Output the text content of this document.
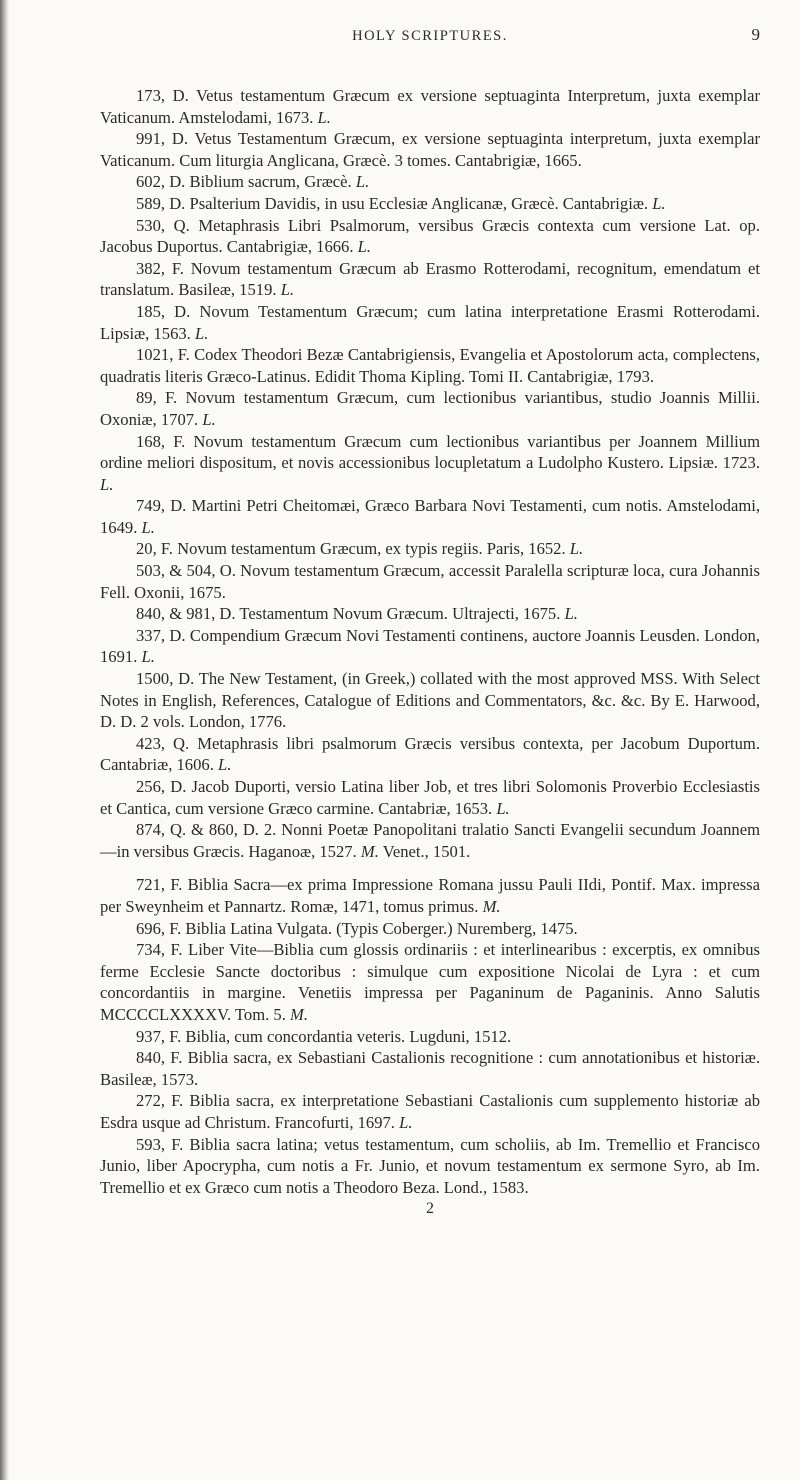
HOLY SCRIPTURES.	9

173, D. Vetus testamentum Græcum ex versione septuaginta Interpretum, juxta exemplar Vaticanum. Amstelodami, 1673. L.

991, D. Vetus Testamentum Græcum, ex versione septuaginta interpretum, juxta exemplar Vaticanum. Cum liturgia Anglicana, Græcè. 3 tomes. Cantabrigiæ, 1665.

602, D. Biblium sacrum, Græcè. L.

589, D. Psalterium Davidis, in usu Ecclesiæ Anglicanæ, Græcè. Cantabrigiæ. L.

530, Q. Metaphrasis Libri Psalmorum, versibus Græcis contexta cum versione Lat. op. Jacobus Duportus. Cantabrigiæ, 1666. L.

382, F. Novum testamentum Græcum ab Erasmo Rotterodami, recognitum, emendatum et translatum. Basileæ, 1519. L.

185, D. Novum Testamentum Græcum; cum latina interpretatione Erasmi Rotterodami. Lipsiæ, 1563. L.

1021, F. Codex Theodori Bezæ Cantabrigiensis, Evangelia et Apostolorum acta, complectens, quadratis literis Græco-Latinus. Edidit Thoma Kipling. Tomi II. Cantabrigiæ, 1793.

89, F. Novum testamentum Græcum, cum lectionibus variantibus, studio Joannis Millii. Oxoniæ, 1707. L.

168, F. Novum testamentum Græcum cum lectionibus variantibus per Joannem Millium ordine meliori dispositum, et novis accessionibus locupletatum a Ludolpho Kustero. Lipsiæ. 1723. L.

749, D. Martini Petri Cheitomæi, Græco Barbara Novi Testamenti, cum notis. Amstelodami, 1649. L.

20, F. Novum testamentum Græcum, ex typis regiis. Paris, 1652. L.

503, & 504, O. Novum testamentum Græcum, accessit Paralella scripturæ loca, cura Johannis Fell. Oxonii, 1675.

840, & 981, D. Testamentum Novum Græcum. Ultrajecti, 1675. L.

337, D. Compendium Græcum Novi Testamenti continens, auctore Joannis Leusden. London, 1691. L.

1500, D. The New Testament, (in Greek,) collated with the most approved MSS. With Select Notes in English, References, Catalogue of Editions and Commentators, &c. &c. By E. Harwood, D. D. 2 vols. London, 1776.

423, Q. Metaphrasis libri psalmorum Græcis versibus contexta, per Jacobum Duportum. Cantabriæ, 1606. L.

256, D. Jacob Duporti, versio Latina liber Job, et tres libri Solomonis Proverbio Ecclesiastis et Cantica, cum versione Græco carmine. Cantabriæ, 1653. L.

874, Q. & 860, D. 2. Nonni Poetæ Panopolitani tralatio Sancti Evangelii secundum Joannem—in versibus Græcis. Haganoæ, 1527. M. Venet., 1501.

721, F. Biblia Sacra—ex prima Impressione Romana jussu Pauli IIdi, Pontif. Max. impressa per Sweynheim et Pannartz. Romæ, 1471, tomus primus. M.

696, F. Biblia Latina Vulgata. (Typis Coberger.) Nuremberg, 1475.

734, F. Liber Vite—Biblia cum glossis ordinariis : et interlinearibus : excerptis, ex omnibus ferme Ecclesie Sancte doctoribus : simulque cum expositione Nicolai de Lyra : et cum concordantiis in margine. Venetiis impressa per Paganinum de Paganinis. Anno Salutis MCCCCLXXXXV. Tom. 5. M.

937, F. Biblia, cum concordantia veteris. Lugduni, 1512.

840, F. Biblia sacra, ex Sebastiani Castalionis recognitione : cum annotationibus et historiæ. Basileæ, 1573.

272, F. Biblia sacra, ex interpretatione Sebastiani Castalionis cum supplemento historiæ ab Esdra usque ad Christum. Francofurti, 1697. L.

593, F. Biblia sacra latina; vetus testamentum, cum scholiis, ab Im. Tremellio et Francisco Junio, liber Apocrypha, cum notis a Fr. Junio, et novum testamentum ex sermone Syro, ab Im. Tremellio et ex Græco cum notis a Theodoro Beza. Lond., 1583.

2
